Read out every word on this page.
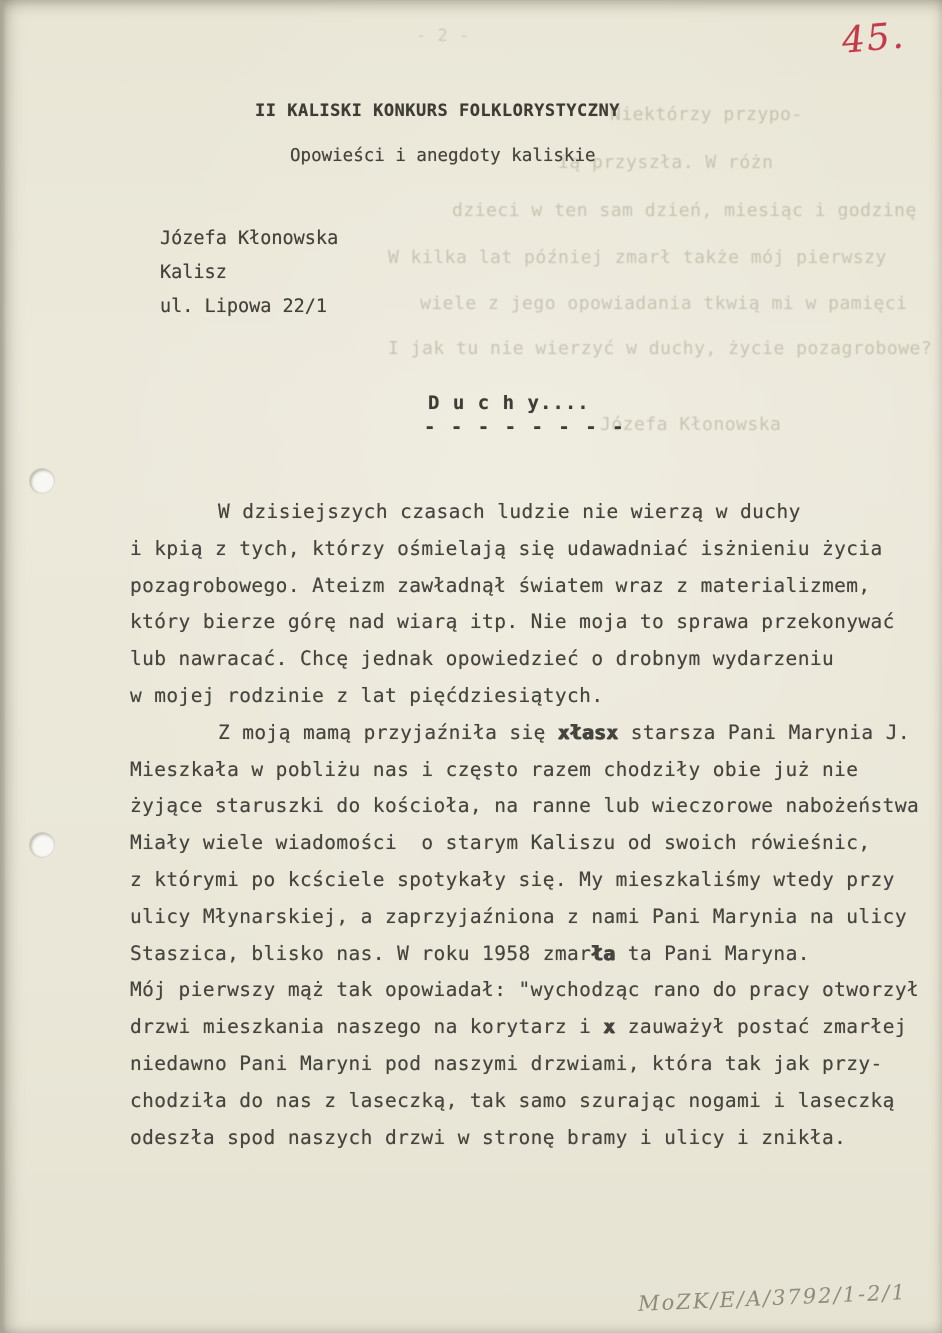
- 2 -
Niektórzy przypo-
ią przyszła. W różn
dzieci w ten sam dzień, miesiąc i godzinę
W kilka lat później zmarł także mój pierwszy
wiele z jego opowiadania tkwią mi w pamięci
I jak tu nie wierzyć w duchy, życie pozagrobowe?
Józefa Kłonowska
45.
II KALISKI KONKURS FOLKLORYSTYCZNY
Opowieści i anegdoty kaliskie
Józefa Kłonowska
Kalisz
ul. Lipowa 22/1
D u c h y....
- - - - - - - -
W dzisiejszych czasach ludzie nie wierzą w duchy
i kpią z tych, którzy ośmielają się udawadniać isżnieniu życia
pozagrobowego. Ateizm zawładnął światem wraz z materializmem,
który bierze górę nad wiarą itp. Nie moja to sprawa przekonywać
lub nawracać. Chcę jednak opowiedzieć o drobnym wydarzeniu
w mojej rodzinie z lat pięćdziesiątych.
Z moją mamą przyjaźniła się xłasx starsza Pani Marynia J.
Mieszkała w pobliżu nas i często razem chodziły obie już nie
żyjące staruszki do kościoła, na ranne lub wieczorowe nabożeństwa
Miały wiele wiadomości  o starym Kaliszu od swoich rówieśnic,
z którymi po kcściele spotykały się. My mieszkaliśmy wtedy przy
ulicy Młynarskiej, a zaprzyjaźniona z nami Pani Marynia na ulicy
Staszica, blisko nas. W roku 1958 zmarła ta Pani Maryna.
Mój pierwszy mąż tak opowiadał: "wychodząc rano do pracy otworzył
drzwi mieszkania naszego na korytarz i x zauważył postać zmarłej
niedawno Pani Maryni pod naszymi drzwiami, która tak jak przy-
chodziła do nas z laseczką, tak samo szurając nogami i laseczką
odeszła spod naszych drzwi w stronę bramy i ulicy i znikła.
MoZK/E/A/3792/1-2/1
